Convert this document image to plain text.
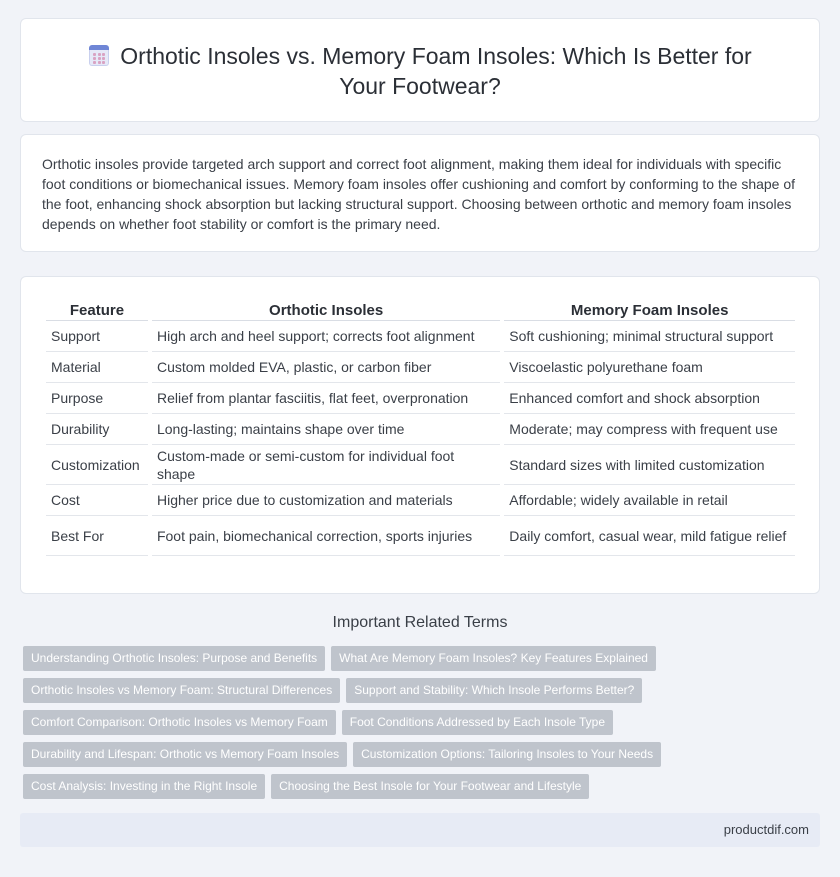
Orthotic Insoles vs. Memory Foam Insoles: Which Is Better for
Your Footwear?

Orthotic insoles provide targeted arch support and correct foot alignment, making them ideal for individuals with specific foot conditions or biomechanical issues. Memory foam insoles offer cushioning and comfort by conforming to the shape of the foot, enhancing shock absorption but lacking structural support. Choosing between orthotic and memory foam insoles depends on whether foot stability or comfort is the primary need.

Feature	Orthotic Insoles	Memory Foam Insoles
Support	High arch and heel support; corrects foot alignment	Soft cushioning; minimal structural support
Material	Custom molded EVA, plastic, or carbon fiber	Viscoelastic polyurethane foam
Purpose	Relief from plantar fasciitis, flat feet, overpronation	Enhanced comfort and shock absorption
Durability	Long-lasting; maintains shape over time	Moderate; may compress with frequent use
Customization	Custom-made or semi-custom for individual foot shape	Standard sizes with limited customization
Cost	Higher price due to customization and materials	Affordable; widely available in retail
Best For	Foot pain, biomechanical correction, sports injuries	Daily comfort, casual wear, mild fatigue relief
Important Related Terms
Understanding Orthotic Insoles: Purpose and Benefits What Are Memory Foam Insoles? Key Features Explained
Orthotic Insoles vs Memory Foam: Structural Differences Support and Stability: Which Insole Performs Better?
Comfort Comparison: Orthotic Insoles vs Memory Foam Foot Conditions Addressed by Each Insole Type
Durability and Lifespan: Orthotic vs Memory Foam Insoles Customization Options: Tailoring Insoles to Your Needs
Cost Analysis: Investing in the Right Insole Choosing the Best Insole for Your Footwear and Lifestyle
productdif.com
